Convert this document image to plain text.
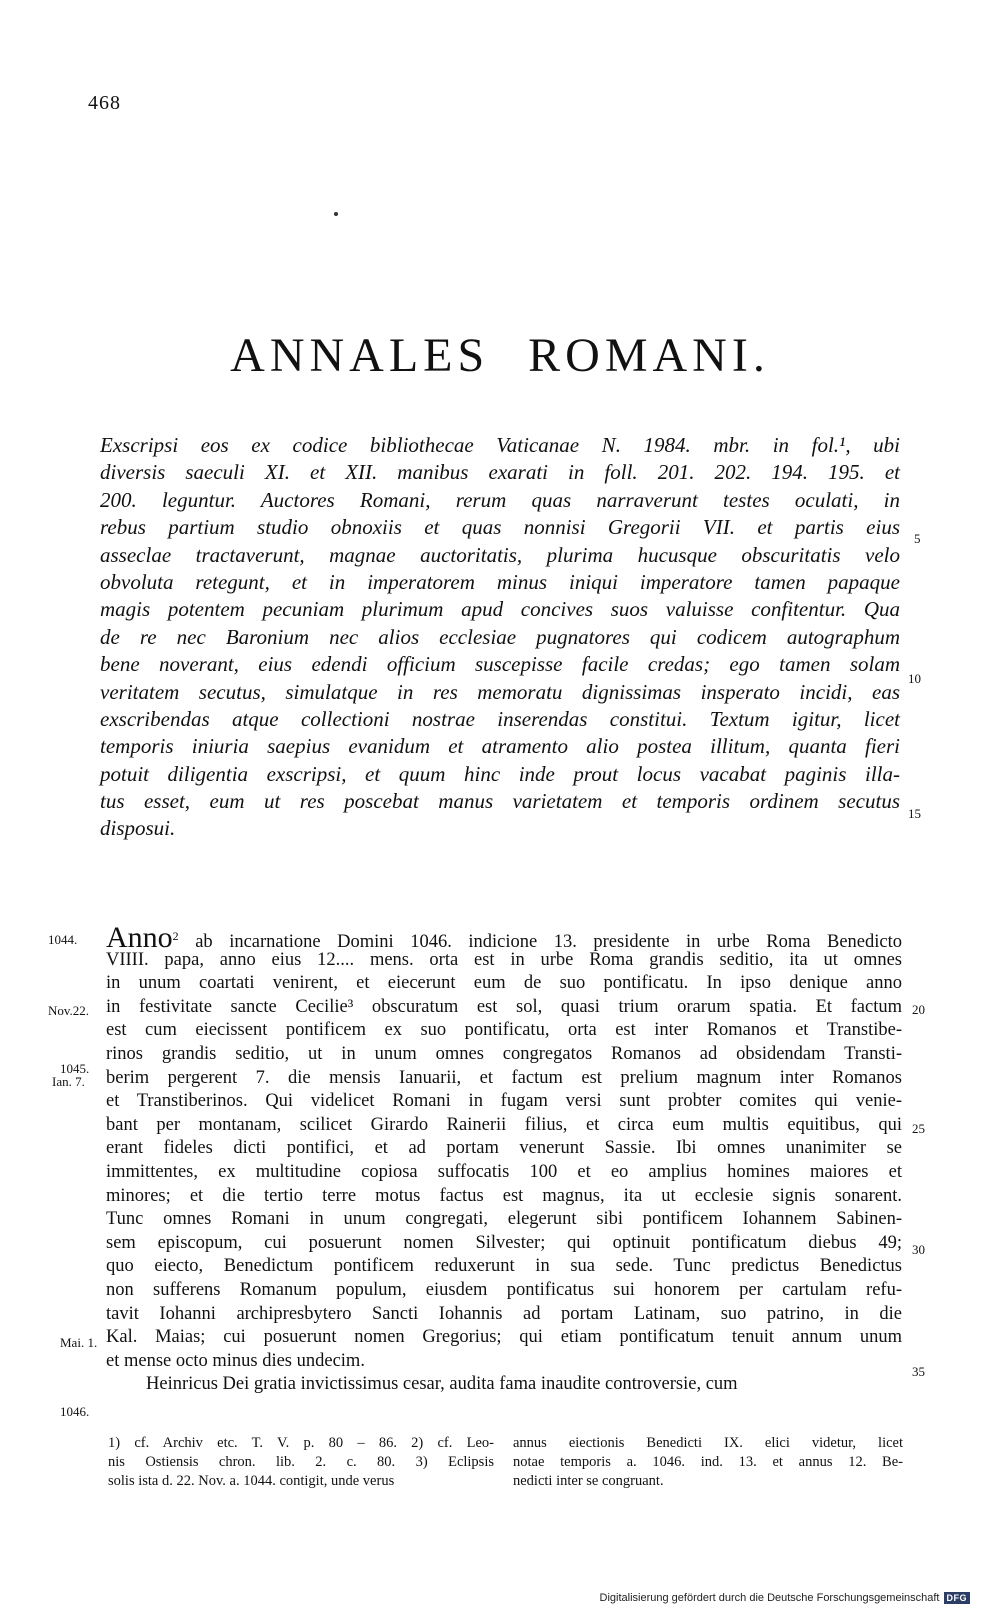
468
ANNALES ROMANI.
Exscripsi eos ex codice bibliothecae Vaticanae N. 1984. mbr. in fol.¹, ubi
diversis saeculi XI. et XII. manibus exarati in foll. 201. 202. 194. 195. et
200. leguntur. Auctores Romani, rerum quas narraverunt testes oculati, in
rebus partium studio obnoxiis et quas nonnisi Gregorii VII. et partis eius
asseclae tractaverunt, magnae auctoritatis, plurima hucusque obscuritatis velo
obvoluta retegunt, et in imperatorem minus iniqui imperatore tamen papaque
magis potentem pecuniam plurimum apud concives suos valuisse confitentur. Qua
de re nec Baronium nec alios ecclesiae pugnatores qui codicem autographum
bene noverant, eius edendi officium suscepisse facile credas; ego tamen solam
veritatem secutus, simulatque in res memoratu dignissimas insperato incidi, eas
exscribendas atque collectioni nostrae inserendas constitui. Textum igitur, licet
temporis iniuria saepius evanidum et atramento alio postea illitum, quanta fieri
potuit diligentia exscripsi, et quum hinc inde prout locus vacabat paginis illa-
tus esset, eum ut res poscebat manus varietatem et temporis ordinem secutus
disposui.
Anno$^2$ ab incarnatione Domini 1046. indicione 13. presidente in urbe Roma Benedicto
VIIII. papa, anno eius 12.... mens. orta est in urbe Roma grandis seditio, ita ut omnes
in unum coartati venirent, et eiecerunt eum de suo pontificatu. In ipso denique anno
in festivitate sancte Cecilie³ obscuratum est sol, quasi trium orarum spatia. Et factum
est cum eiecissent pontificem ex suo pontificatu, orta est inter Romanos et Transtibe-
rinos grandis seditio, ut in unum omnes congregatos Romanos ad obsidendam Transti-
berim pergerent 7. die mensis Ianuarii, et factum est prelium magnum inter Romanos
et Transtiberinos. Qui videlicet Romani in fugam versi sunt probter comites qui venie-
bant per montanam, scilicet Girardo Rainerii filius, et circa eum multis equitibus, qui
erant fideles dicti pontifici, et ad portam venerunt Sassie. Ibi omnes unanimiter se
immittentes, ex multitudine copiosa suffocatis 100 et eo amplius homines maiores et
minores; et die tertio terre motus factus est magnus, ita ut ecclesie signis sonarent.
Tunc omnes Romani in unum congregati, elegerunt sibi pontificem Iohannem Sabinen-
sem episcopum, cui posuerunt nomen Silvester; qui optinuit pontificatum diebus 49;
quo eiecto, Benedictum pontificem reduxerunt in sua sede. Tunc predictus Benedictus
non sufferens Romanum populum, eiusdem pontificatus sui honorem per cartulam refu-
tavit Iohanni archipresbytero Sancti Iohannis ad portam Latinam, suo patrino, in die
Kal. Maias; cui posuerunt nomen Gregorius; qui etiam pontificatum tenuit annum unum
et mense octo minus dies undecim.
Heinricus Dei gratia invictissimus cesar, audita fama inaudite controversie, cum
1044.
Nov.22.
1045.
Ian. 7.
Mai. 1.
1046.
5
10
15
20
25
30
35
1) cf. Archiv etc. T. V. p. 80 – 86. 2) cf. Leo-
nis Ostiensis chron. lib. 2. c. 80. 3) Eclipsis
solis ista d. 22. Nov. a. 1044. contigit, unde verus
annus eiectionis Benedicti IX. elici videtur, licet
notae temporis a. 1046. ind. 13. et annus 12. Be-
nedicti inter se congruant.
Digitalisierung gefördert durch die Deutsche Forschungsgemeinschaft DFG
